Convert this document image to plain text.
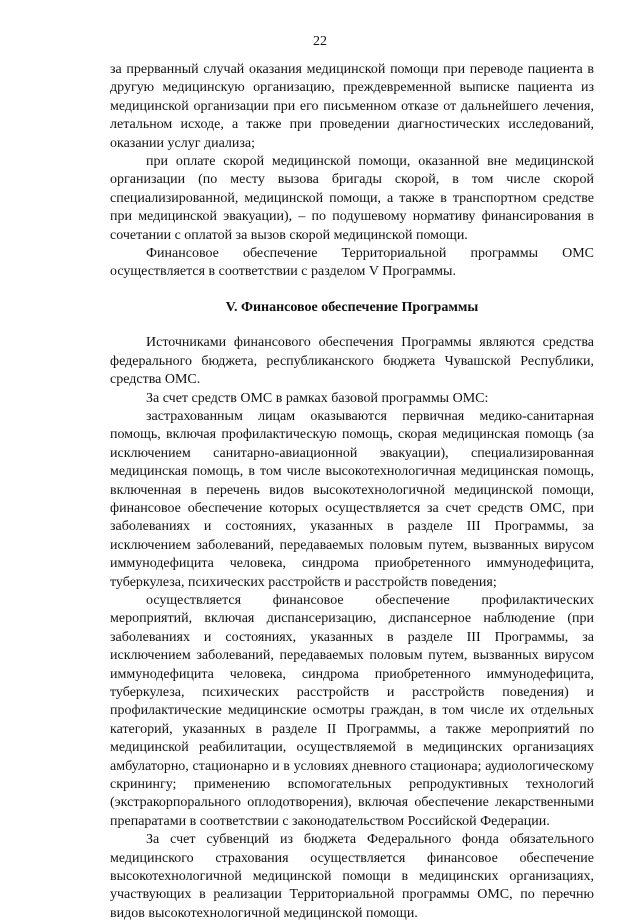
22

за прерванный случай оказания медицинской помощи при переводе пациента в другую медицинскую организацию, преждевременной выписке пациента из медицинской организации при его письменном отказе от дальнейшего лечения, летальном исходе, а также при проведении диагностических исследований, оказании услуг диализа;

при оплате скорой медицинской помощи, оказанной вне медицинской организации (по месту вызова бригады скорой, в том числе скорой специализированной, медицинской помощи, а также в транспортном средстве при медицинской эвакуации), – по подушевому нормативу финансирования в сочетании с оплатой за вызов скорой медицинской помощи.

Финансовое обеспечение Территориальной программы ОМС осуществляется в соответствии с разделом V Программы.

V. Финансовое обеспечение Программы

Источниками финансового обеспечения Программы являются средства федерального бюджета, республиканского бюджета Чувашской Республики, средства ОМС.

За счет средств ОМС в рамках базовой программы ОМС:

застрахованным лицам оказываются первичная медико-санитарная помощь, включая профилактическую помощь, скорая медицинская помощь (за исключением санитарно-авиационной эвакуации), специализированная медицинская помощь, в том числе высокотехнологичная медицинская помощь, включенная в перечень видов высокотехнологичной медицинской помощи, финансовое обеспечение которых осуществляется за счет средств ОМС, при заболеваниях и состояниях, указанных в разделе III Программы, за исключением заболеваний, передаваемых половым путем, вызванных вирусом иммунодефицита человека, синдрома приобретенного иммунодефицита, туберкулеза, психических расстройств и расстройств поведения;

осуществляется финансовое обеспечение профилактических мероприятий, включая диспансеризацию, диспансерное наблюдение (при заболеваниях и состояниях, указанных в разделе III Программы, за исключением заболеваний, передаваемых половым путем, вызванных вирусом иммунодефицита человека, синдрома приобретенного иммунодефицита, туберкулеза, психических расстройств и расстройств поведения) и профилактические медицинские осмотры граждан, в том числе их отдельных категорий, указанных в разделе II Программы, а также мероприятий по медицинской реабилитации, осуществляемой в медицинских организациях амбулаторно, стационарно и в условиях дневного стационара; аудиологическому скринингу; применению вспомогательных репродуктивных технологий (экстракорпорального оплодотворения), включая обеспечение лекарственными препаратами в соответствии с законодательством Российской Федерации.

За счет субвенций из бюджета Федерального фонда обязательного медицинского страхования осуществляется финансовое обеспечение высокотехнологичной медицинской помощи в медицинских организациях, участвующих в реализации Территориальной программы ОМС, по перечню видов высокотехнологичной медицинской помощи.
